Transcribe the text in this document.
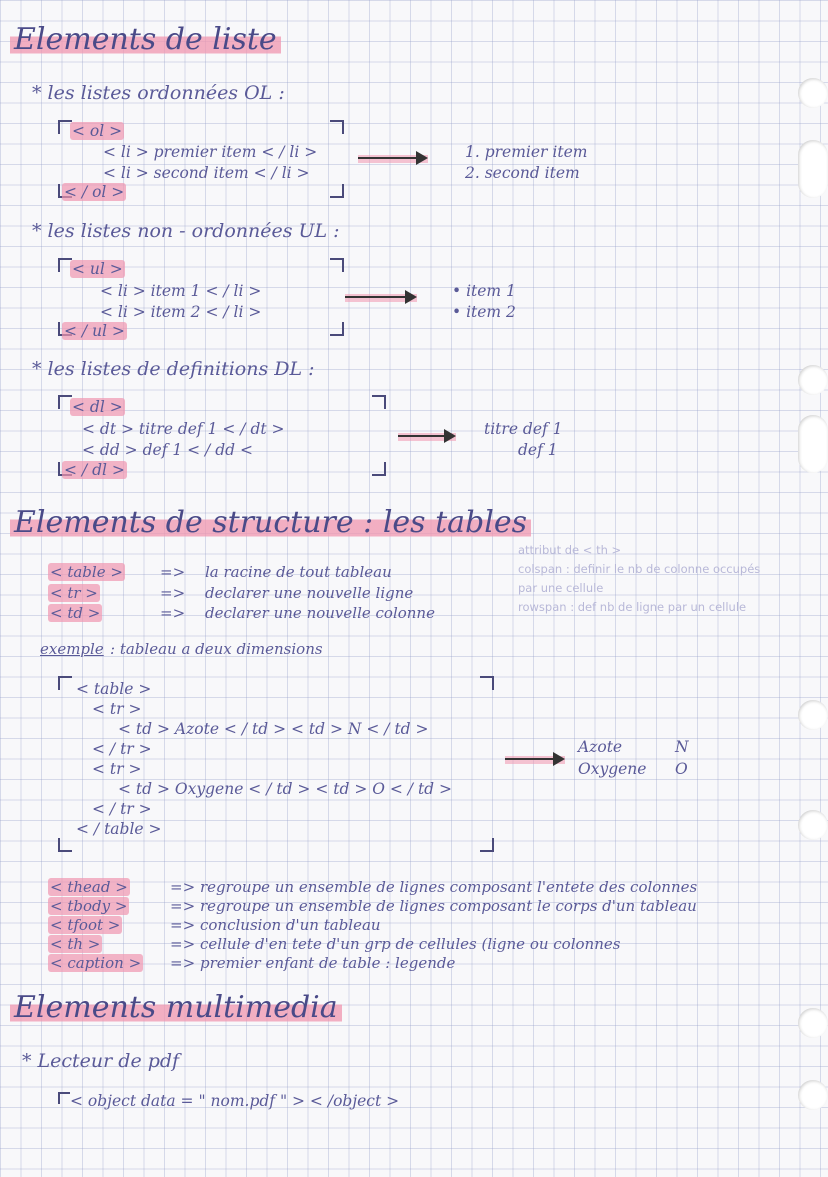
Elements de liste
* les listes ordonnées OL :
< ol >
< li > premier item < / li >
< li > second item < / li >
< / ol >
1. premier item
2. second item
* les listes non - ordonnées UL :
< ul >
< li > item 1 < / li >
< li > item 2 < / li >
< / ul >
• item 1
• item 2
* les listes de definitions DL :
< dl >
< dt > titre def 1 < / dt >
< dd > def 1 < / dd <
< / dl >
titre def 1
def 1
Elements de structure : les tables
< table > => la racine de tout tableau
< tr >	=> declarer une nouvelle ligne
< td >	=> declarer une nouvelle colonne
attribut de < th >
colspan : definir le nb de colonne occupés
par une cellule
rowspan : def nb de ligne par un cellule
exemple : tableau a deux dimensions
< table >
< tr >
< td > Azote < / td > < td > N < / td >
< / tr >
< tr >
< td > Oxygene < / td > < td > O < / td >
< / tr >
< / table >
Azote	N
Oxygene O
< thead >	=> regroupe un ensemble de lignes composant l'entete des colonnes
< tbody >	=> regroupe un ensemble de lignes composant le corps d'un tableau
< tfoot >	=> conclusion d'un tableau
< th >	=> cellule d'en tete d'un grp de cellules (ligne ou colonnes
< caption > => premier enfant de table : legende
Elements multimedia
* Lecteur de pdf
< object data = " nom.pdf " > < /object >
